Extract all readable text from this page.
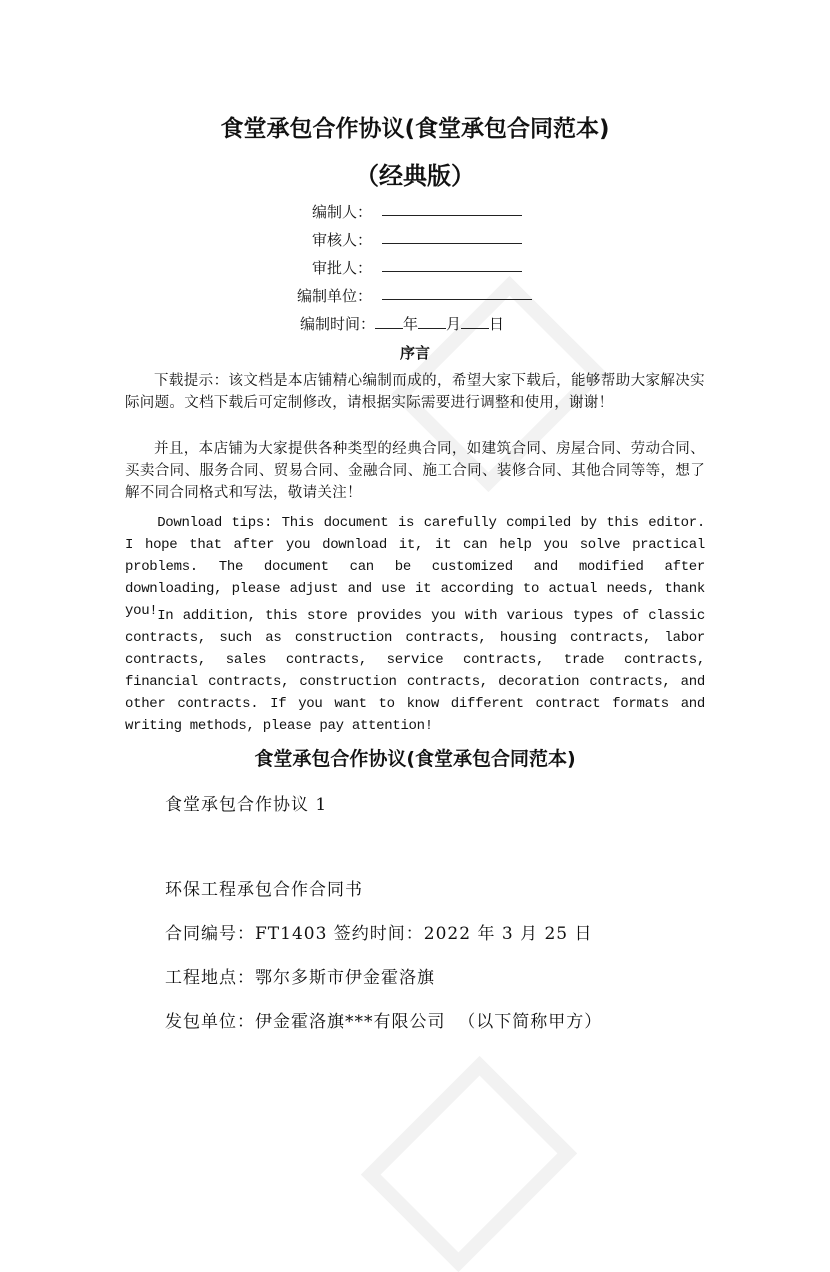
食堂承包合作协议(食堂承包合同范本)
（经典版）
编制人：
审核人：
审批人：
编制单位：
编制时间： 年 月 日
序言
下载提示：该文档是本店铺精心编制而成的，希望大家下载后，能够帮助大家解决实际问题。文档下载后可定制修改，请根据实际需要进行调整和使用，谢谢！
并且，本店铺为大家提供各种类型的经典合同，如建筑合同、房屋合同、劳动合同、买卖合同、服务合同、贸易合同、金融合同、施工合同、装修合同、其他合同等等，想了解不同合同格式和写法，敬请关注！
Download tips: This document is carefully compiled by this editor. I hope that after you download it, it can help you solve practical problems. The document can be customized and modified after downloading, please adjust and use it according to actual needs, thank you! In addition, this store provides you with various types of classic contracts, such as construction contracts, housing contracts, labor contracts, sales contracts, service contracts, trade contracts, financial contracts, construction contracts, decoration contracts, and other contracts. If you want to know different contract formats and writing methods, please pay attention!
食堂承包合作协议(食堂承包合同范本)
食堂承包合作协议 1
环保工程承包合作合同书
合同编号：FT1403 签约时间：2022 年 3 月 25 日
工程地点：鄂尔多斯市伊金霍洛旗
发包单位：伊金霍洛旗***有限公司  （以下简称甲方）
